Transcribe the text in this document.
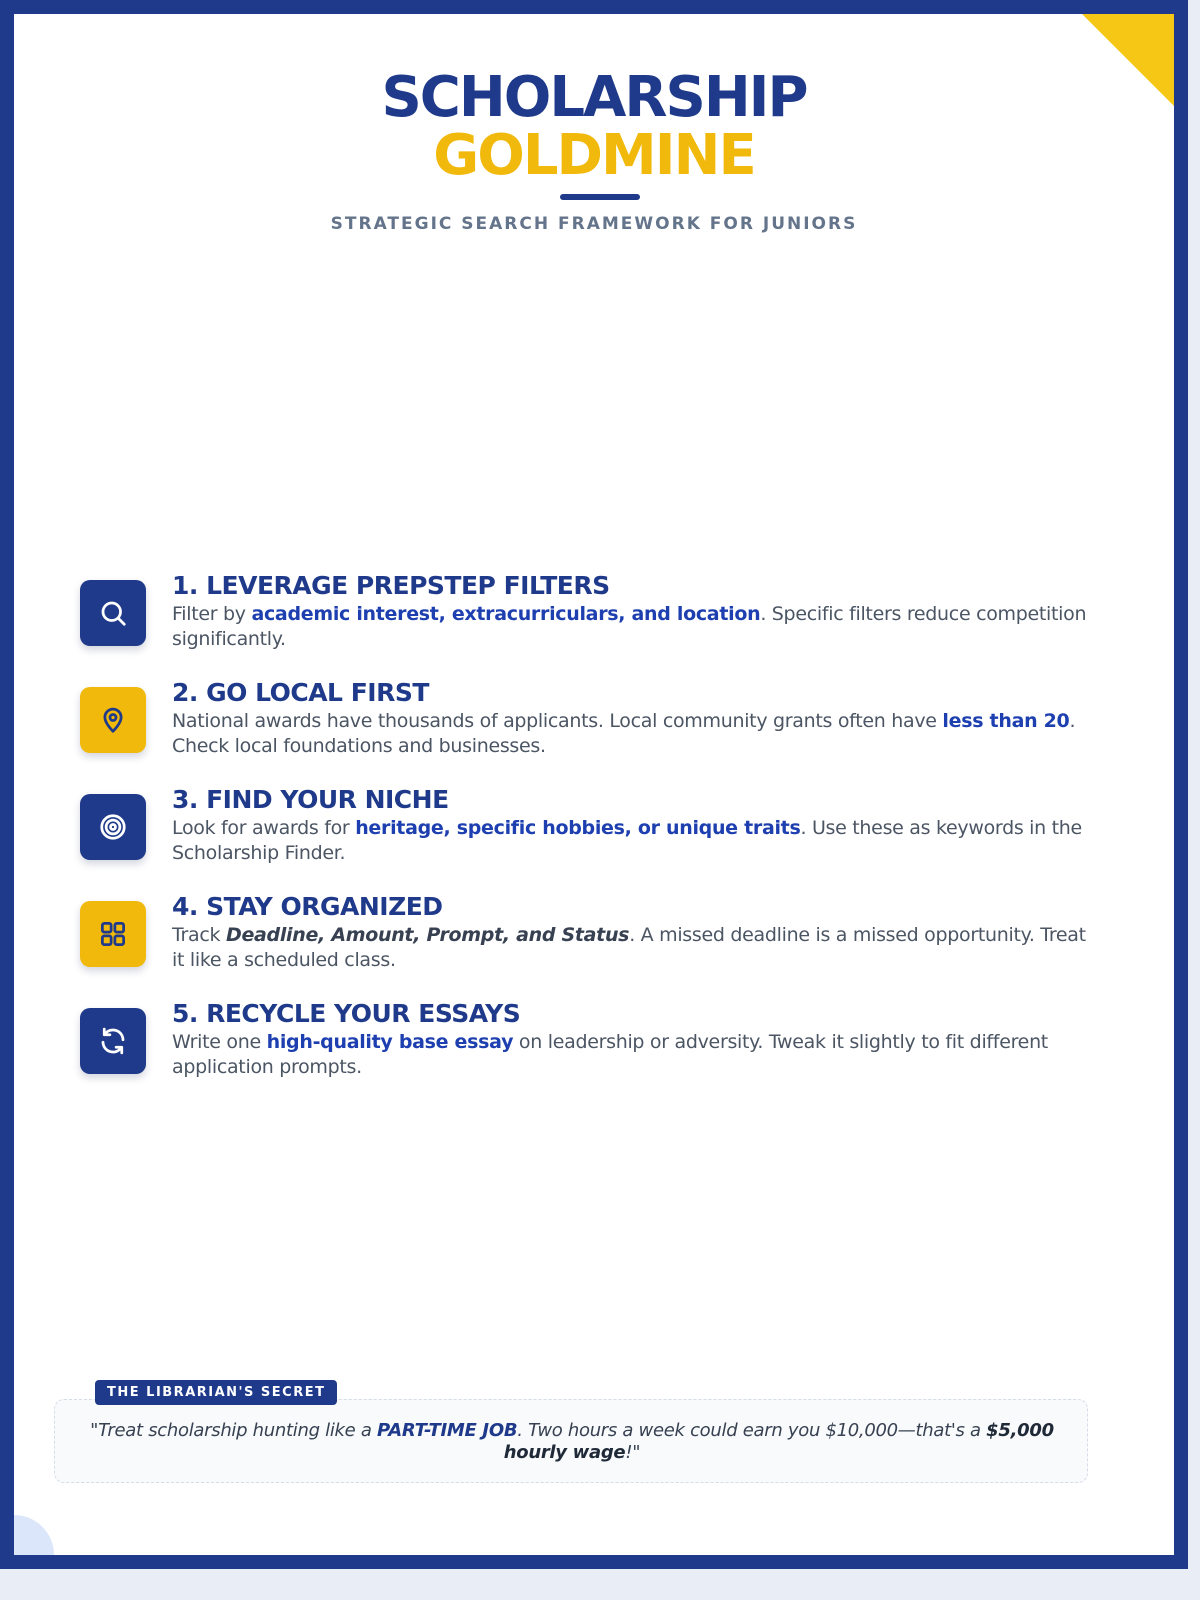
SCHOLARSHIP
GOLDMINE
STRATEGIC SEARCH FRAMEWORK FOR JUNIORS
1. LEVERAGE PREPSTEP FILTERS

Filter by academic interest, extracurriculars, and location. Specific filters reduce competition significantly.

2. GO LOCAL FIRST

National awards have thousands of applicants. Local community grants often have less than 20. Check local foundations and businesses.

3. FIND YOUR NICHE

Look for awards for heritage, specific hobbies, or unique traits. Use these as keywords in the Scholarship Finder.

4. STAY ORGANIZED

Track Deadline, Amount, Prompt, and Status. A missed deadline is a missed opportunity. Treat it like a scheduled class.

5. RECYCLE YOUR ESSAYS

Write one high-quality base essay on leadership or adversity. Tweak it slightly to fit different application prompts.

THE LIBRARIAN'S SECRET

"Treat scholarship hunting like a PART-TIME JOB. Two hours a week could earn you $10,000—that's a $5,000 hourly wage!"
